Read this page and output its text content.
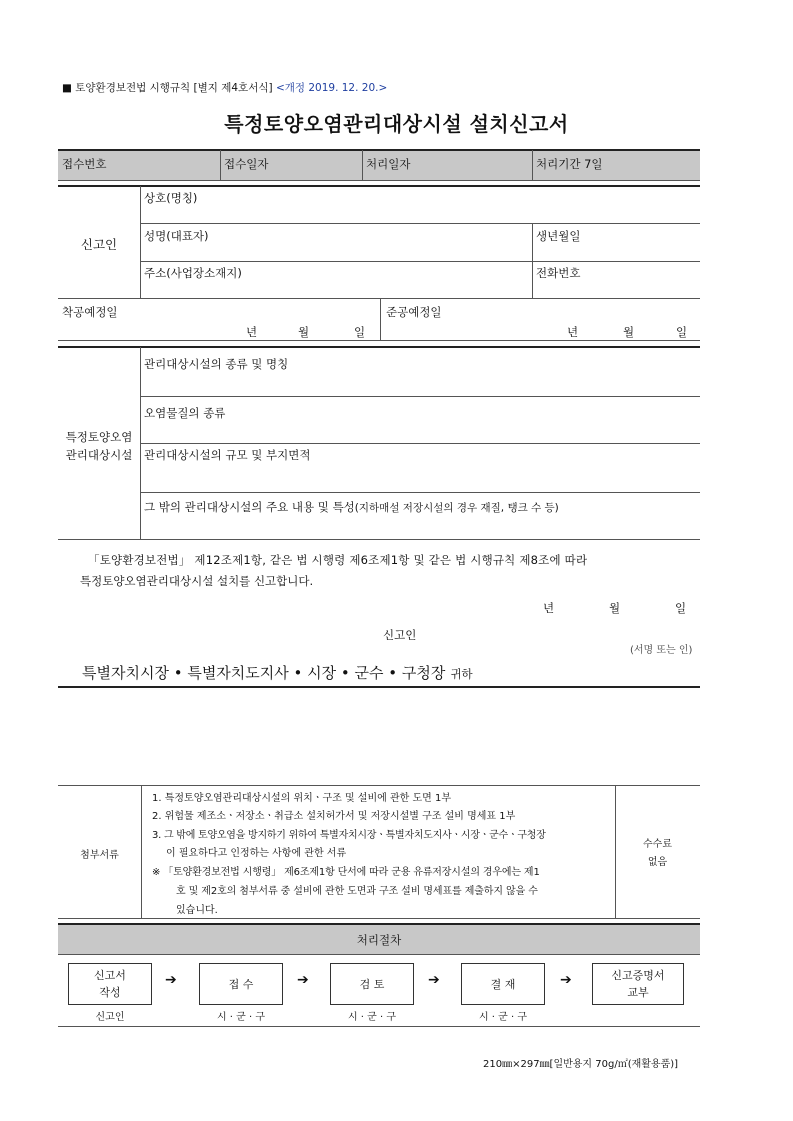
■ 토양환경보전법 시행규칙 [별지 제4호서식] <개정 2019. 12. 20.>
특정토양오염관리대상시설 설치신고서
접수번호	접수일자	처리일자	처리기간 7일
신고인
상호(명칭)
성명(대표자)	생년월일
주소(사업장소재지)	전화번호
착공예정일
년	월	일
준공예정일
년	월	일
특정토양오염
관리대상시설
관리대상시설의 종류 및 명칭
오염물질의 종류
관리대상시설의 규모 및 부지면적
그 밖의 관리대상시설의 주요 내용 및 특성(지하매설 저장시설의 경우 재질, 탱크 수 등)
「토양환경보전법」 제12조제1항, 같은 법 시행령 제6조제1항 및 같은 법 시행규칙 제8조에 따라
특정토양오염관리대상시설 설치를 신고합니다.
년	월	일
신고인
(서명 또는 인)
특별자치시장 • 특별자치도지사 • 시장 • 군수 • 구청장 귀하
첨부서류
1. 특정토양오염관리대상시설의 위치ㆍ구조 및 설비에 관한 도면 1부
2. 위험물 제조소ㆍ저장소ㆍ취급소 설치허가서 및 저장시설별 구조 설비 명세표 1부
3. 그 밖에 토양오염을 방지하기 위하여 특별자치시장ㆍ특별자치도지사ㆍ시장ㆍ군수ㆍ구청장
이 필요하다고 인정하는 사항에 관한 서류
※ 「토양환경보전법 시행령」 제6조제1항 단서에 따라 군용 유류저장시설의 경우에는 제1
호 및 제2호의 첨부서류 중 설비에 관한 도면과 구조 설비 명세표를 제출하지 않을 수
있습니다.
수수료
없음
처리절차
신고서
작성
➔	접 수	➔	검 토	➔	결 재	➔	신고증명서
교부
신고인	시 · 군 · 구	시 · 군 · 구	시 · 군 · 구
210㎜×297㎜[일반용지 70g/㎡(재활용품)]
